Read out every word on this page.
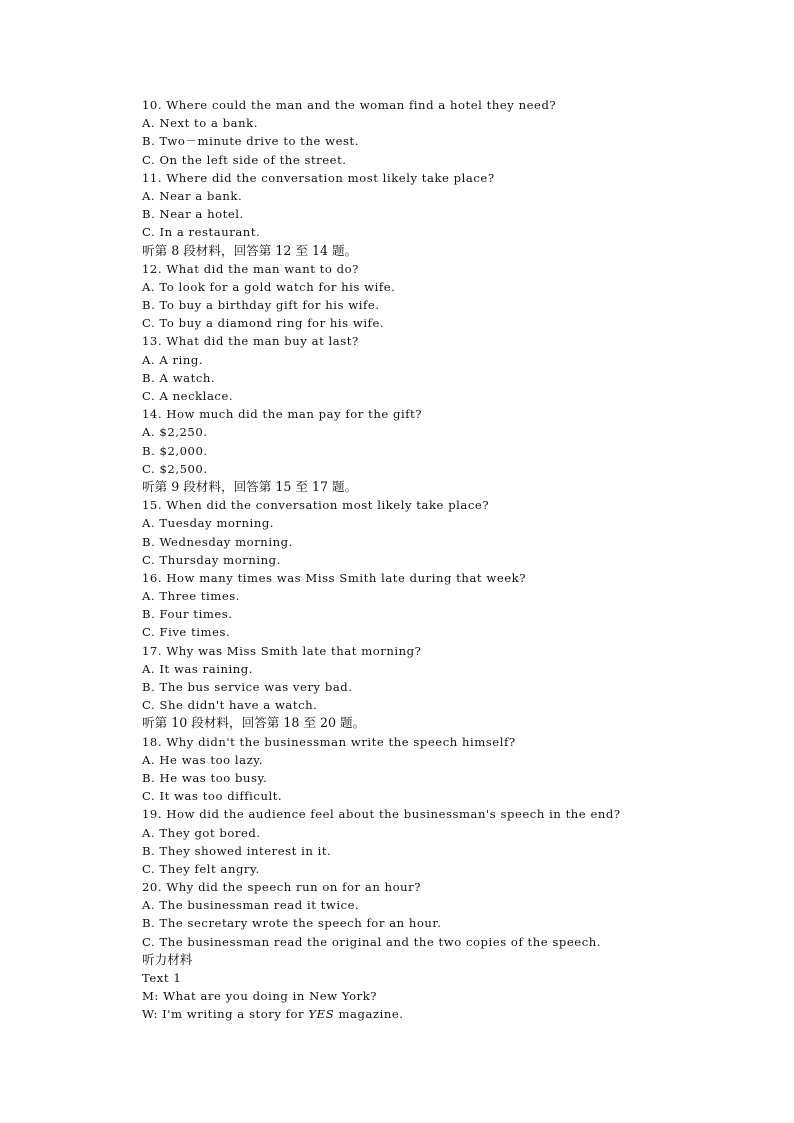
10. Where could the man and the woman find a hotel they need?
A. Next to a bank.
B. Two－minute drive to the west.
C. On the left side of the street.
11. Where did the conversation most likely take place?
A. Near a bank.
B. Near a hotel.
C. In a restaurant.
听第 8 段材料，回答第 12 至 14 题。
12. What did the man want to do?
A. To look for a gold watch for his wife.
B. To buy a birthday gift for his wife.
C. To buy a diamond ring for his wife.
13. What did the man buy at last?
A. A ring.
B. A watch.
C. A necklace.
14. How much did the man pay for the gift?
A. $2,250.
B. $2,000.
C. $2,500.
听第 9 段材料，回答第 15 至 17 题。
15. When did the conversation most likely take place?
A. Tuesday morning.
B. Wednesday morning.
C. Thursday morning.
16. How many times was Miss Smith late during that week?
A. Three times.
B. Four times.
C. Five times.
17. Why was Miss Smith late that morning?
A. It was raining.
B. The bus service was very bad.
C. She didn't have a watch.
听第 10 段材料，回答第 18 至 20 题。
18. Why didn't the businessman write the speech himself?
A. He was too lazy.
B. He was too busy.
C. It was too difficult.
19. How did the audience feel about the businessman's speech in the end?
A. They got bored.
B. They showed interest in it.
C. They felt angry.
20. Why did the speech run on for an hour?
A. The businessman read it twice.
B. The secretary wrote the speech for an hour.
C. The businessman read the original and the two copies of the speech.
听力材料
Text 1
M: What are you doing in New York?
W: I'm writing a story for YES magazine.
